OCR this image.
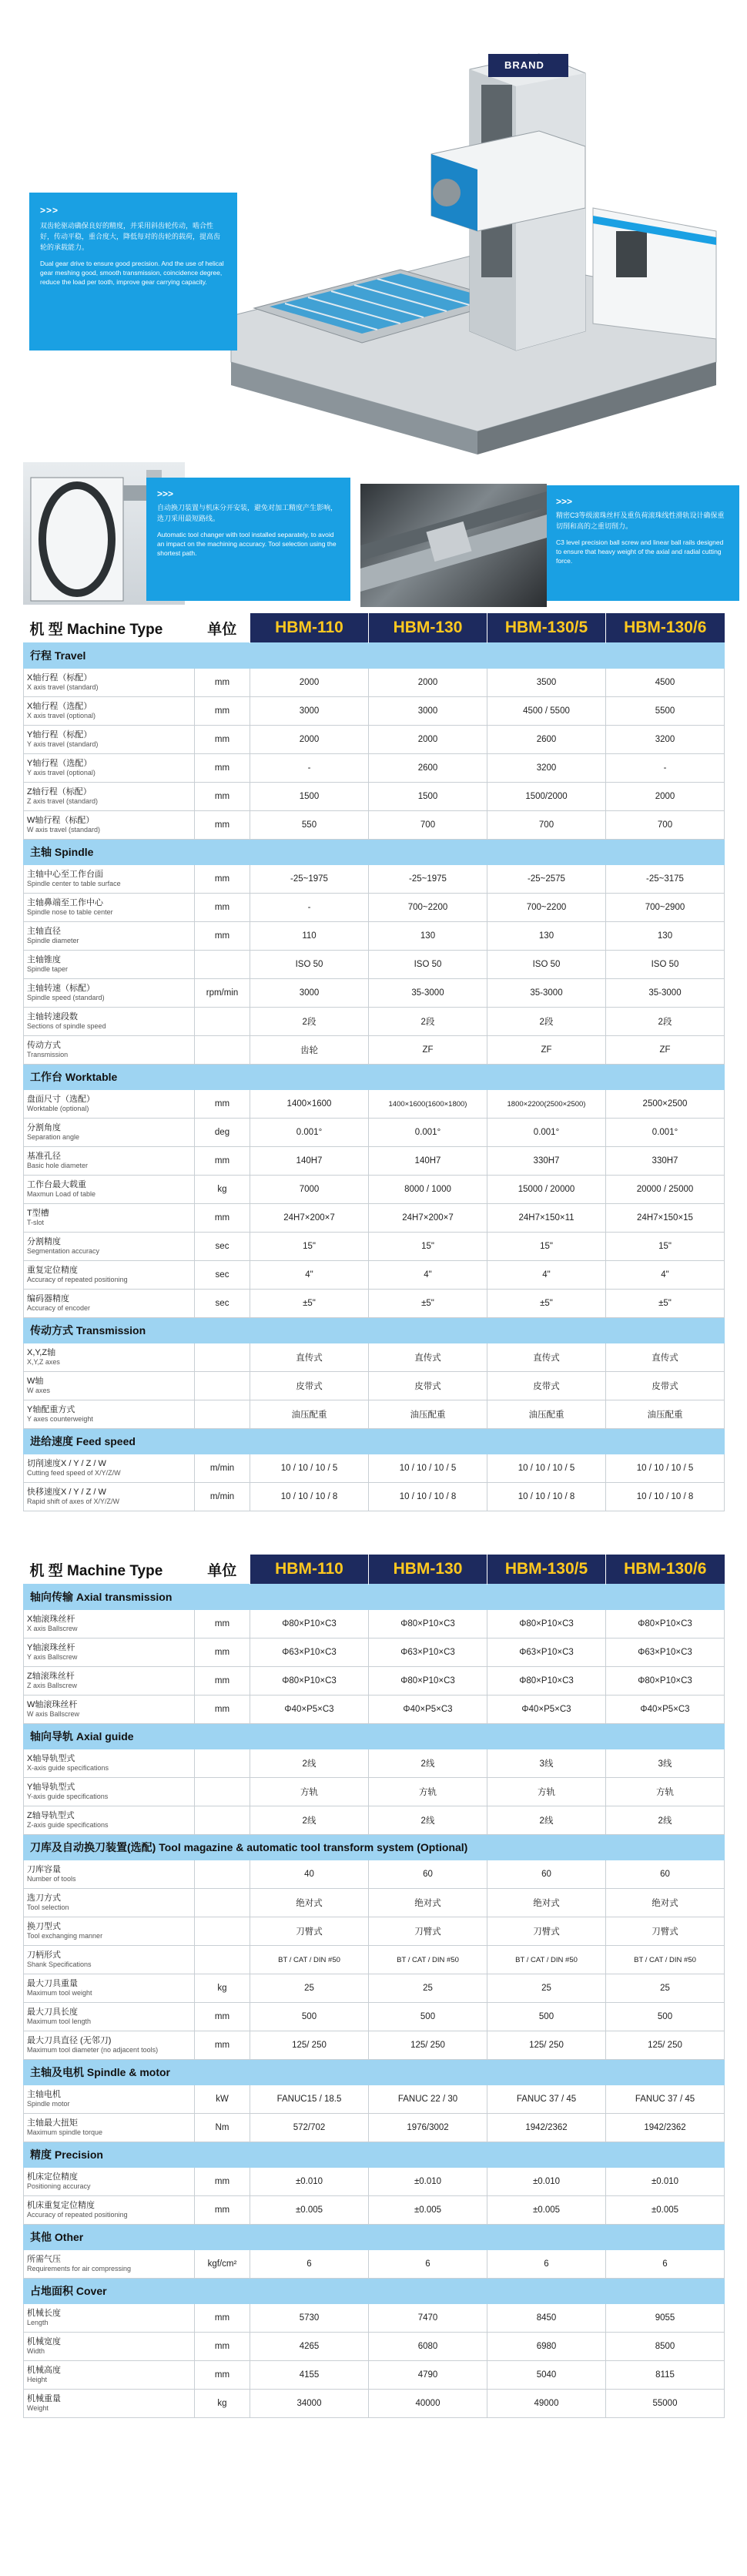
BRAND
>>>
双齿轮驱动确保良好的精度，并采用斜齿轮传动，啮合性好，传动平稳，重合度大，降低每对的齿轮的载荷，提高齿轮的承载能力。
Dual gear drive to ensure good precision. And the use of helical gear meshing good, smooth transmission, coincidence degree, reduce the load per tooth, improve gear carrying capacity.
>>>
自动换刀装置与机床分开安装，避免对加工精度产生影响，选刀采用最短路线。
Automatic tool changer with tool installed separately, to avoid an impact on the machining accuracy. Tool selection using the shortest path.
>>>
精密C3等级滚珠丝杆及重负荷滚珠线性滑轨设计确保重切削和高的之重切削力。
C3 level precision ball screw and linear ball rails designed to ensure that heavy weight of the axial and radial cutting force.
机 型 Machine Type	单位	HBM-110	HBM-130	HBM-130/5	HBM-130/6
行程 Travel					

X轴行程（标配）
X axis travel (standard)	mm	2000	2000	3500	4500

X轴行程（选配）
X axis travel (optional)	mm	3000	3000	4500 / 5500	5500

Y轴行程（标配）
Y axis travel (standard)	mm	2000	2000	2600	3200

Y轴行程（选配）
Y axis travel (optional)	mm	-	2600	3200	-

Z轴行程（标配）
Z axis travel (standard)	mm	1500	1500	1500/2000	2000

W轴行程（标配）
W axis travel (standard)	mm	550	700	700	700
主轴 Spindle					

主轴中心至工作台面
Spindle center to table surface	mm	-25~1975	-25~1975	-25~2575	-25~3175

主轴鼻端至工作中心
Spindle nose to table center	mm	-	700~2200	700~2200	700~2900

主轴直径
Spindle diameter	mm	110	130	130	130

主轴锥度
Spindle taper		ISO 50	ISO 50	ISO 50	ISO 50

主轴转速（标配）
Spindle speed (standard)	rpm/min	3000	35-3000	35-3000	35-3000

主轴转速段数
Sections of spindle speed		2段	2段	2段	2段

传动方式
Transmission		齿轮	ZF	ZF	ZF
工作台 Worktable					

盘面尺寸（选配）
Worktable (optional)	mm	1400×1600	1400×1600(1600×1800)	1800×2200(2500×2500)	2500×2500

分割角度
Separation angle	deg	0.001°	0.001°	0.001°	0.001°

基准孔径
Basic hole diameter	mm	140H7	140H7	330H7	330H7

工作台最大载重
Maxmun Load of table	kg	7000	8000 / 1000	15000 / 20000	20000 / 25000

T型槽
T-slot	mm	24H7×200×7	24H7×200×7	24H7×150×11	24H7×150×15

分割精度
Segmentation accuracy	sec	15"	15"	15"	15"

重复定位精度
Accuracy of repeated positioning	sec	4"	4"	4"	4"

编码器精度
Accuracy of encoder	sec	±5"	±5"	±5"	±5"
传动方式 Transmission					

X,Y,Z轴
X,Y,Z axes		直传式	直传式	直传式	直传式

W轴
W axes		皮带式	皮带式	皮带式	皮带式

Y轴配重方式
Y axes counterweight		油压配重	油压配重	油压配重	油压配重
进给速度 Feed speed					

切削速度X / Y / Z / W
Cutting feed speed of X/Y/Z/W	m/min	10 / 10 / 10 / 5	10 / 10 / 10 / 5	10 / 10 / 10 / 5	10 / 10 / 10 / 5

快移速度X / Y / Z / W
Rapid shift of axes of X/Y/Z/W	m/min	10 / 10 / 10 / 8	10 / 10 / 10 / 8	10 / 10 / 10 / 8	10 / 10 / 10 / 8
机 型 Machine Type	单位	HBM-110	HBM-130	HBM-130/5	HBM-130/6
轴向传输 Axial transmission					

X轴滚珠丝杆
X axis Ballscrew	mm	Φ80×P10×C3	Φ80×P10×C3	Φ80×P10×C3	Φ80×P10×C3

Y轴滚珠丝杆
Y axis Ballscrew	mm	Φ63×P10×C3	Φ63×P10×C3	Φ63×P10×C3	Φ63×P10×C3

Z轴滚珠丝杆
Z axis Ballscrew	mm	Φ80×P10×C3	Φ80×P10×C3	Φ80×P10×C3	Φ80×P10×C3

W轴滚珠丝杆
W axis Ballscrew	mm	Φ40×P5×C3	Φ40×P5×C3	Φ40×P5×C3	Φ40×P5×C3
轴向导轨 Axial guide					

X轴导轨型式
X-axis guide specifications		2线	2线	3线	3线

Y轴导轨型式
Y-axis guide specifications		方轨	方轨	方轨	方轨

Z轴导轨型式
Z-axis guide specifications		2线	2线	2线	2线
刀库及自动换刀装置(选配) Tool magazine & automatic tool transform system (Optional)					

刀库容量
Number of tools		40	60	60	60

选刀方式
Tool selection		绝对式	绝对式	绝对式	绝对式

换刀型式
Tool exchanging manner		刀臂式	刀臂式	刀臂式	刀臂式

刀柄形式
Shank Specifications		BT / CAT / DIN #50	BT / CAT / DIN #50	BT / CAT / DIN #50	BT / CAT / DIN #50

最大刀具重量
Maximum tool weight	kg	25	25	25	25

最大刀具长度
Maximum tool length	mm	500	500	500	500

最大刀具直径 (无邻刀)
Maximum tool diameter (no adjacent tools)	mm	125/ 250	125/ 250	125/ 250	125/ 250
主轴及电机 Spindle & motor					

主轴电机
Spindle motor	kW	FANUC15 / 18.5	FANUC 22 / 30	FANUC 37 / 45	FANUC 37 / 45

主轴最大扭矩
Maximum spindle torque	Nm	572/702	1976/3002	1942/2362	1942/2362
精度 Precision					

机床定位精度
Positioning accuracy	mm	±0.010	±0.010	±0.010	±0.010

机床重复定位精度
Accuracy of repeated positioning	mm	±0.005	±0.005	±0.005	±0.005
其他 Other					

所需气压
Requirements for air compressing	kgf/cm²	6	6	6	6
占地面积 Cover					

机械长度
Length	mm	5730	7470	8450	9055

机械宽度
Width	mm	4265	6080	6980	8500

机械高度
Height	mm	4155	4790	5040	8115

机械重量
Weight	kg	34000	40000	49000	55000
